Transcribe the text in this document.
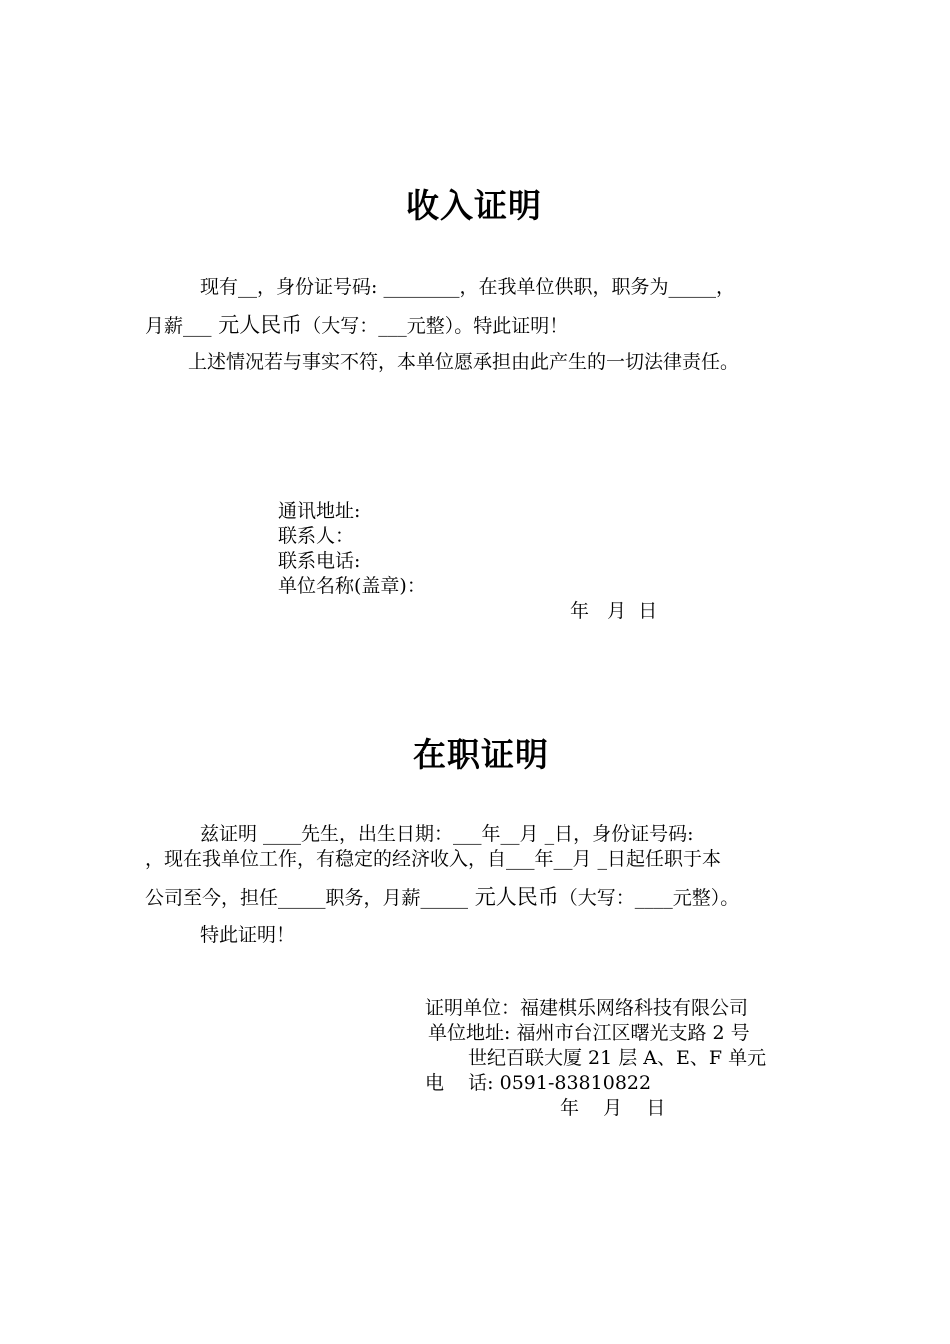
收入证明
现有__，身份证号码: ________，在我单位供职，职务为_____，
月薪___ 元人民币（大写：___元整）。特此证明！
上述情况若与事实不符，本单位愿承担由此产生的一切法律责任。
通讯地址:
联系人：
联系电话:
单位名称(盖章)：
年   月  日
在职证明
兹证明 ____先生，出生日期：___年__月 _日，身份证号码:
，现在我单位工作，有稳定的经济收入，自___年__月 _日起任职于本
公司至今，担任_____职务，月薪_____ 元人民币（大写：____元整）。
特此证明！
证明单位：福建棋乐网络科技有限公司
单位地址: 福州市台江区曙光支路 2 号
世纪百联大厦 21 层 A、E、F 单元
电    话: 0591-83810822
年    月    日
